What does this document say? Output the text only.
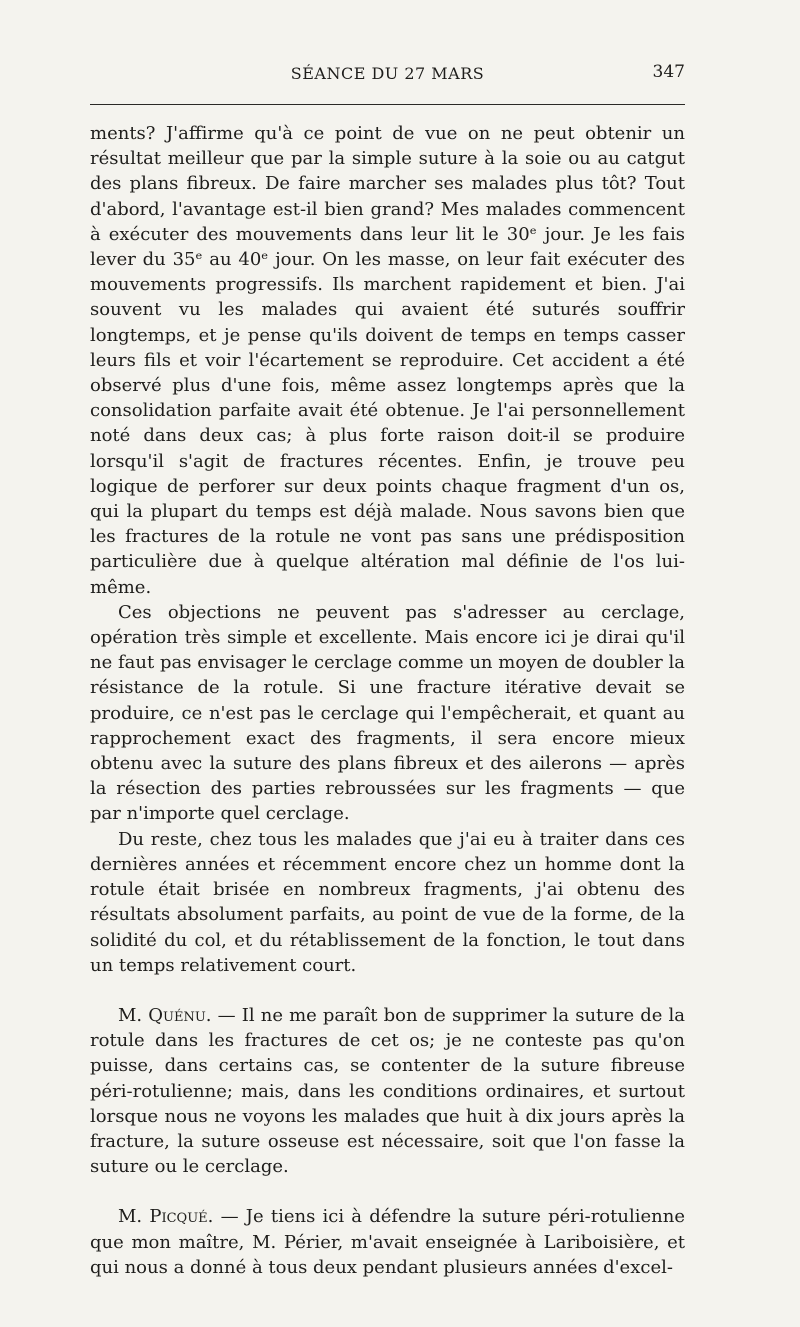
SÉANCE DU 27 MARS	347

ments? J'affirme qu'à ce point de vue on ne peut obtenir un résultat meilleur que par la simple suture à la soie ou au catgut des plans fibreux. De faire marcher ses malades plus tôt? Tout d'abord, l'avantage est-il bien grand? Mes malades commencent à exécuter des mouvements dans leur lit le 30ᵉ jour. Je les fais lever du 35ᵉ au 40ᵉ jour. On les masse, on leur fait exécuter des mouvements progressifs. Ils marchent rapidement et bien. J'ai souvent vu les malades qui avaient été suturés souffrir longtemps, et je pense qu'ils doivent de temps en temps casser leurs fils et voir l'écartement se reproduire. Cet accident a été observé plus d'une fois, même assez longtemps après que la consolidation parfaite avait été obtenue. Je l'ai personnellement noté dans deux cas; à plus forte raison doit-il se produire lorsqu'il s'agit de fractures récentes. Enfin, je trouve peu logique de perforer sur deux points chaque fragment d'un os, qui la plupart du temps est déjà malade. Nous savons bien que les fractures de la rotule ne vont pas sans une prédisposition particulière due à quelque altération mal définie de l'os lui-même.

Ces objections ne peuvent pas s'adresser au cerclage, opération très simple et excellente. Mais encore ici je dirai qu'il ne faut pas envisager le cerclage comme un moyen de doubler la résistance de la rotule. Si une fracture itérative devait se produire, ce n'est pas le cerclage qui l'empêcherait, et quant au rapprochement exact des fragments, il sera encore mieux obtenu avec la suture des plans fibreux et des ailerons — après la résection des parties rebroussées sur les fragments — que par n'importe quel cerclage.

Du reste, chez tous les malades que j'ai eu à traiter dans ces dernières années et récemment encore chez un homme dont la rotule était brisée en nombreux fragments, j'ai obtenu des résultats absolument parfaits, au point de vue de la forme, de la solidité du col, et du rétablissement de la fonction, le tout dans un temps relativement court.

M. Quénu. — Il ne me paraît bon de supprimer la suture de la rotule dans les fractures de cet os; je ne conteste pas qu'on puisse, dans certains cas, se contenter de la suture fibreuse péri-rotulienne; mais, dans les conditions ordinaires, et surtout lorsque nous ne voyons les malades que huit à dix jours après la fracture, la suture osseuse est nécessaire, soit que l'on fasse la suture ou le cerclage.

M. Picqué. — Je tiens ici à défendre la suture péri-rotulienne que mon maître, M. Périer, m'avait enseignée à Lariboisière, et qui nous a donné à tous deux pendant plusieurs années d'excel-
